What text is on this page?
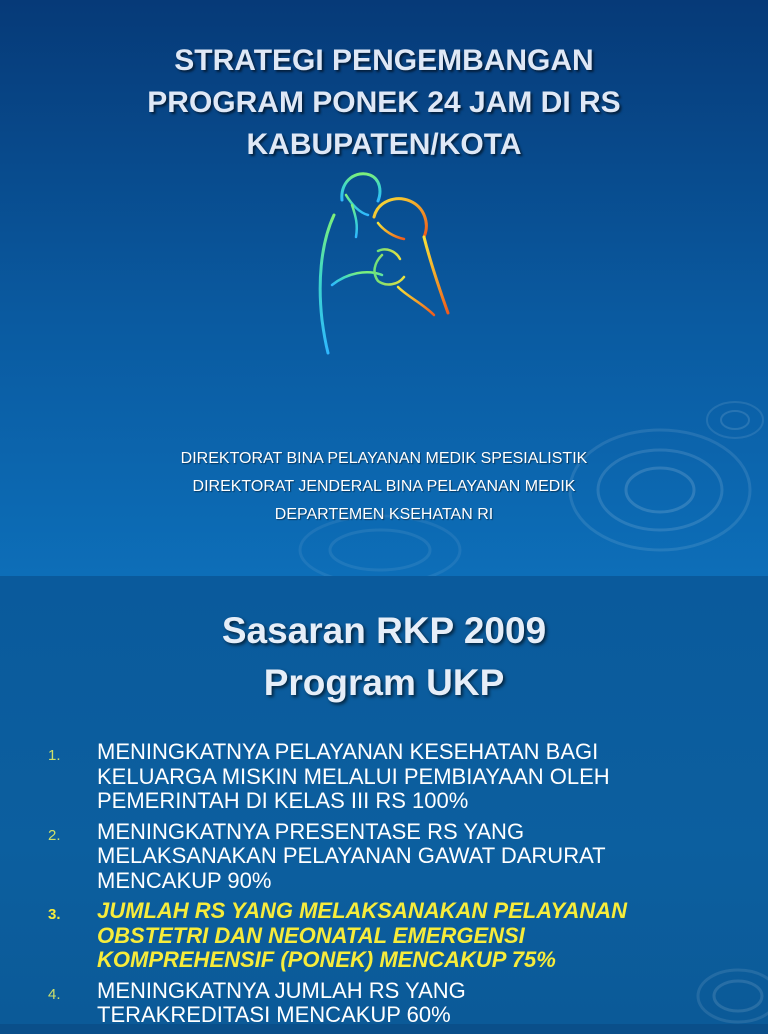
STRATEGI PENGEMBANGAN
PROGRAM PONEK 24 JAM DI RS
KABUPATEN/KOTA
DIREKTORAT BINA PELAYANAN MEDIK SPESIALISTIK
DIREKTORAT JENDERAL BINA PELAYANAN MEDIK
DEPARTEMEN KSEHATAN RI
Sasaran RKP 2009
Program UKP
1. MENINGKATNYA PELAYANAN KESEHATAN BAGI
KELUARGA MISKIN MELALUI PEMBIAYAAN OLEH
PEMERINTAH DI KELAS III RS 100%
2. MENINGKATNYA PRESENTASE RS YANG
MELAKSANAKAN PELAYANAN GAWAT DARURAT
MENCAKUP 90%
3. JUMLAH RS YANG MELAKSANAKAN PELAYANAN
OBSTETRI DAN NEONATAL EMERGENSI
KOMPREHENSIF (PONEK) MENCAKUP 75%
4. MENINGKATNYA JUMLAH RS YANG
TERAKREDITASI MENCAKUP 60%
